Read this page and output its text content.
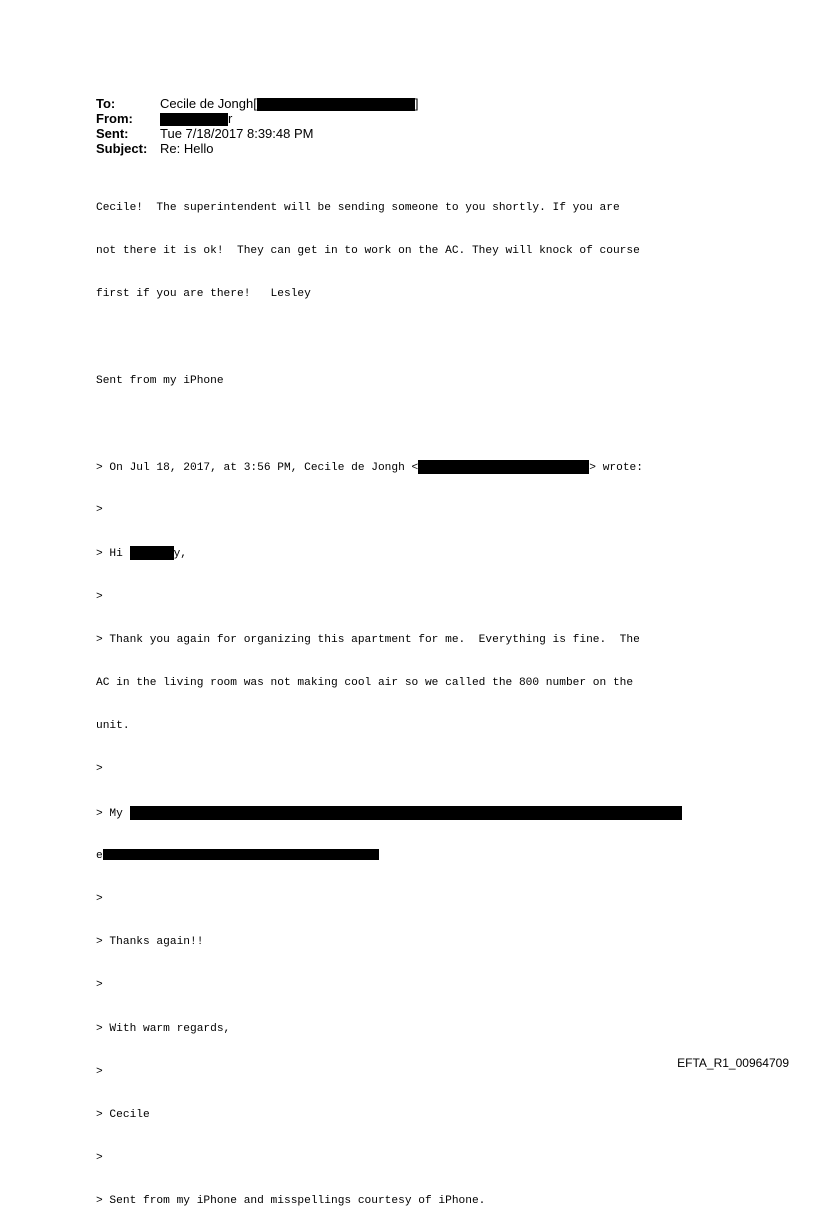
To:	Cecile de Jongh[	]
From:	r
Sent: Tue 7/18/2017 8:39:48 PM
Subject: Re: Hello

Cecile!  The superintendent will be sending someone to you shortly. If you are

not there it is ok!  They can get in to work on the AC. They will knock of course

first if you are there!   Lesley

Sent from my iPhone

> On Jul 18, 2017, at 3:56 PM, Cecile de Jongh <	> wrote:

>

> Hi	y,

>

> Thank you again for organizing this apartment for me.  Everything is fine.  The

AC in the living room was not making cool air so we called the 800 number on the

unit.

>

> My

e

>

> Thanks again!!

>

> With warm regards,

>

> Cecile

>

> Sent from my iPhone and misspellings courtesy of iPhone.

EFTA_R1_00964709
